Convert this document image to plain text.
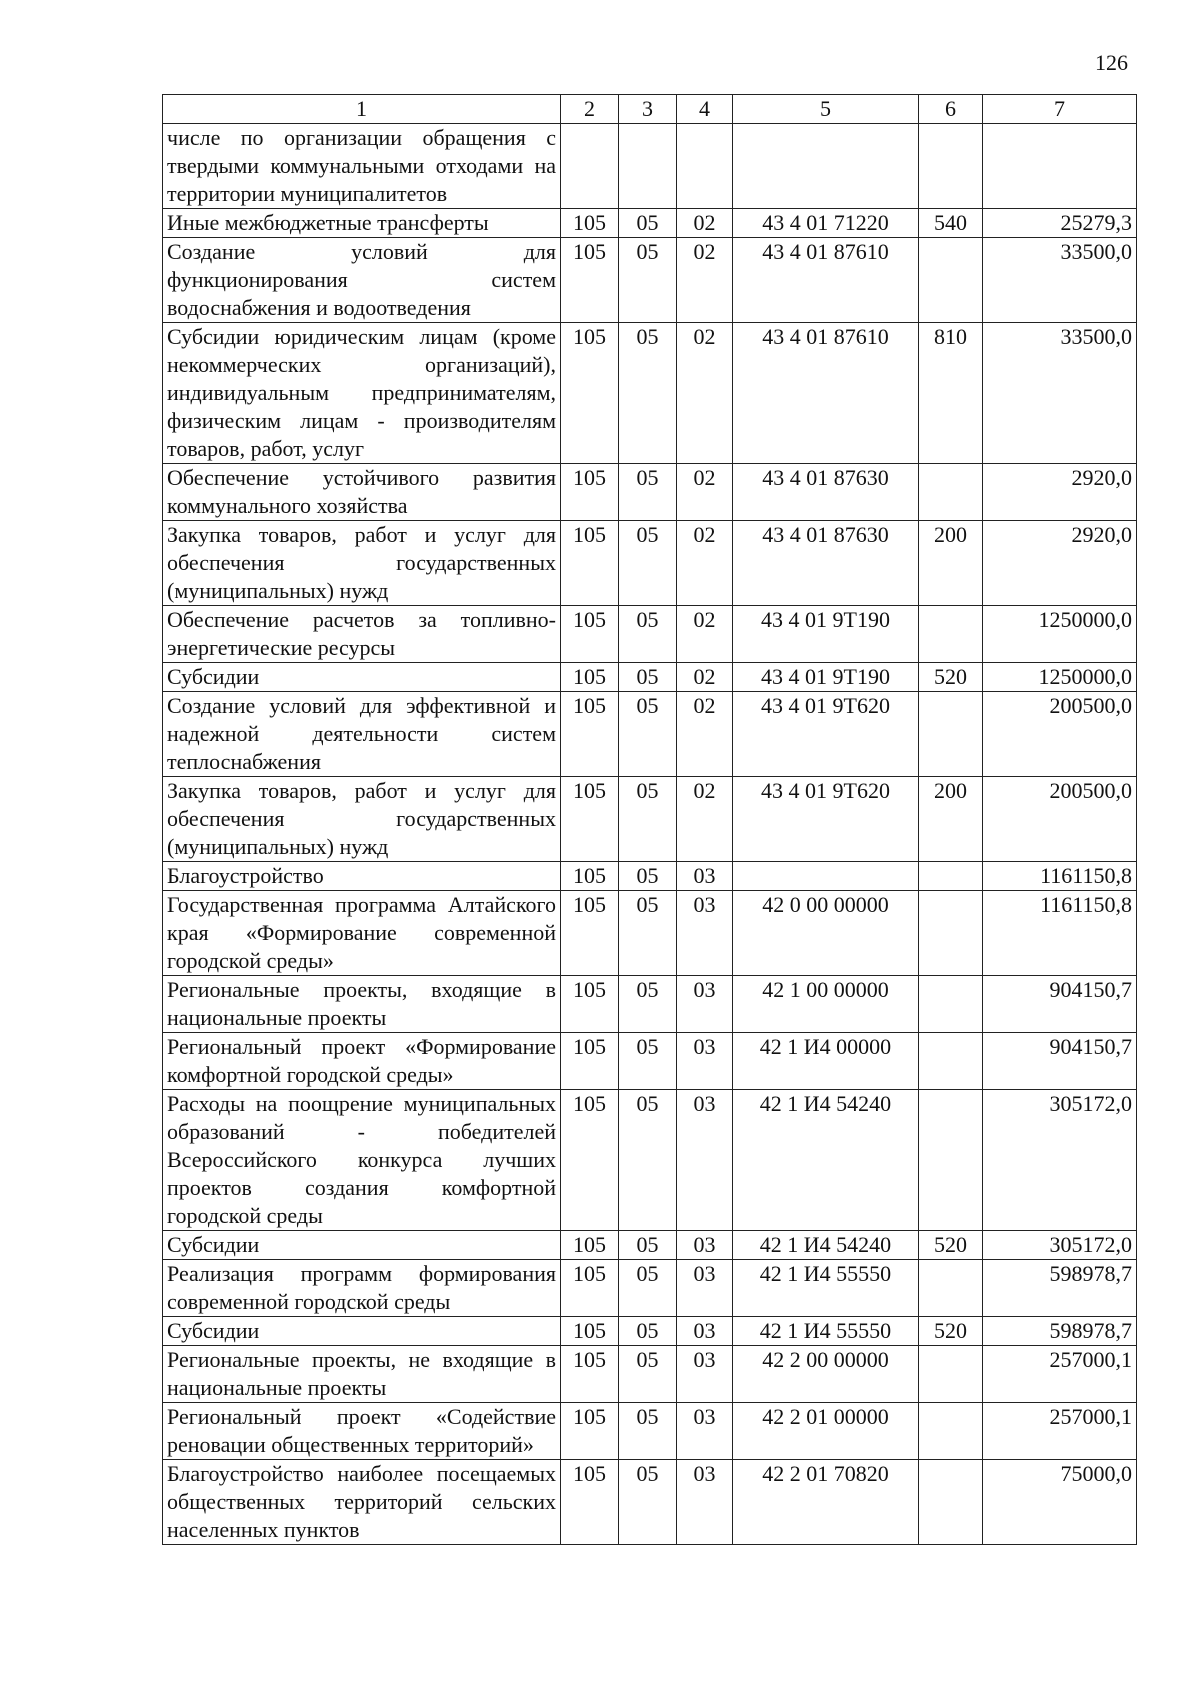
126
1	2	3	4	5	6	7
числе по организации обращения с твердыми коммунальными отходами на территории муниципалитетов						
Иные межбюджетные трансферты	105	05	02	43 4 01 71220	540	25279,3
Создание условий для функционирования систем водоснабжения и водоотведения	105	05	02	43 4 01 87610		33500,0
Субсидии юридическим лицам (кроме некоммерческих организаций), индивидуальным предпринимателям, физическим лицам - производителям товаров, работ, услуг	105	05	02	43 4 01 87610	810	33500,0
Обеспечение устойчивого развития коммунального хозяйства	105	05	02	43 4 01 87630		2920,0
Закупка товаров, работ и услуг для обеспечения государственных (муниципальных) нужд	105	05	02	43 4 01 87630	200	2920,0
Обеспечение расчетов за топливно-энергетические ресурсы	105	05	02	43 4 01 9Т190		1250000,0
Субсидии	105	05	02	43 4 01 9Т190	520	1250000,0
Создание условий для эффективной и надежной деятельности систем теплоснабжения	105	05	02	43 4 01 9Т620		200500,0
Закупка товаров, работ и услуг для обеспечения государственных (муниципальных) нужд	105	05	02	43 4 01 9Т620	200	200500,0
Благоустройство	105	05	03			1161150,8
Государственная программа Алтайского края «Формирование современной городской среды»	105	05	03	42 0 00 00000		1161150,8
Региональные проекты, входящие в национальные проекты	105	05	03	42 1 00 00000		904150,7
Региональный проект «Формирование комфортной городской среды»	105	05	03	42 1 И4 00000		904150,7
Расходы на поощрение муниципальных образований - победителей Всероссийского конкурса лучших проектов создания комфортной городской среды	105	05	03	42 1 И4 54240		305172,0
Субсидии	105	05	03	42 1 И4 54240	520	305172,0
Реализация программ формирования современной городской среды	105	05	03	42 1 И4 55550		598978,7
Субсидии	105	05	03	42 1 И4 55550	520	598978,7
Региональные проекты, не входящие в национальные проекты	105	05	03	42 2 00 00000		257000,1
Региональный проект «Содействие реновации общественных территорий»	105	05	03	42 2 01 00000		257000,1
Благоустройство наиболее посещаемых общественных территорий сельских населенных пунктов	105	05	03	42 2 01 70820		75000,0
